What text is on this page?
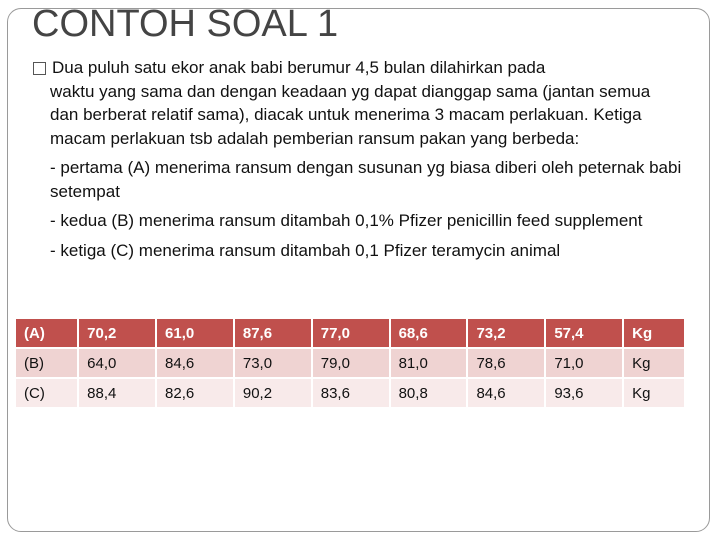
CONTOH SOAL 1
Dua puluh satu ekor anak babi berumur 4,5 bulan dilahirkan pada
waktu yang sama dan dengan keadaan yg dapat dianggap sama (jantan semua dan berberat relatif sama), diacak untuk menerima 3 macam perlakuan. Ketiga macam perlakuan tsb adalah pemberian ransum pakan yang berbeda:
- pertama (A) menerima ransum dengan susunan yg biasa diberi oleh peternak babi setempat
- kedua (B) menerima ransum ditambah 0,1% Pfizer penicillin feed supplement
- ketiga (C) menerima ransum ditambah 0,1 Pfizer teramycin animal
(A)	70,2	61,0	87,6	77,0	68,6	73,2	57,4	Kg
(B)	64,0	84,6	73,0	79,0	81,0	78,6	71,0	Kg
(C)	88,4	82,6	90,2	83,6	80,8	84,6	93,6	Kg
